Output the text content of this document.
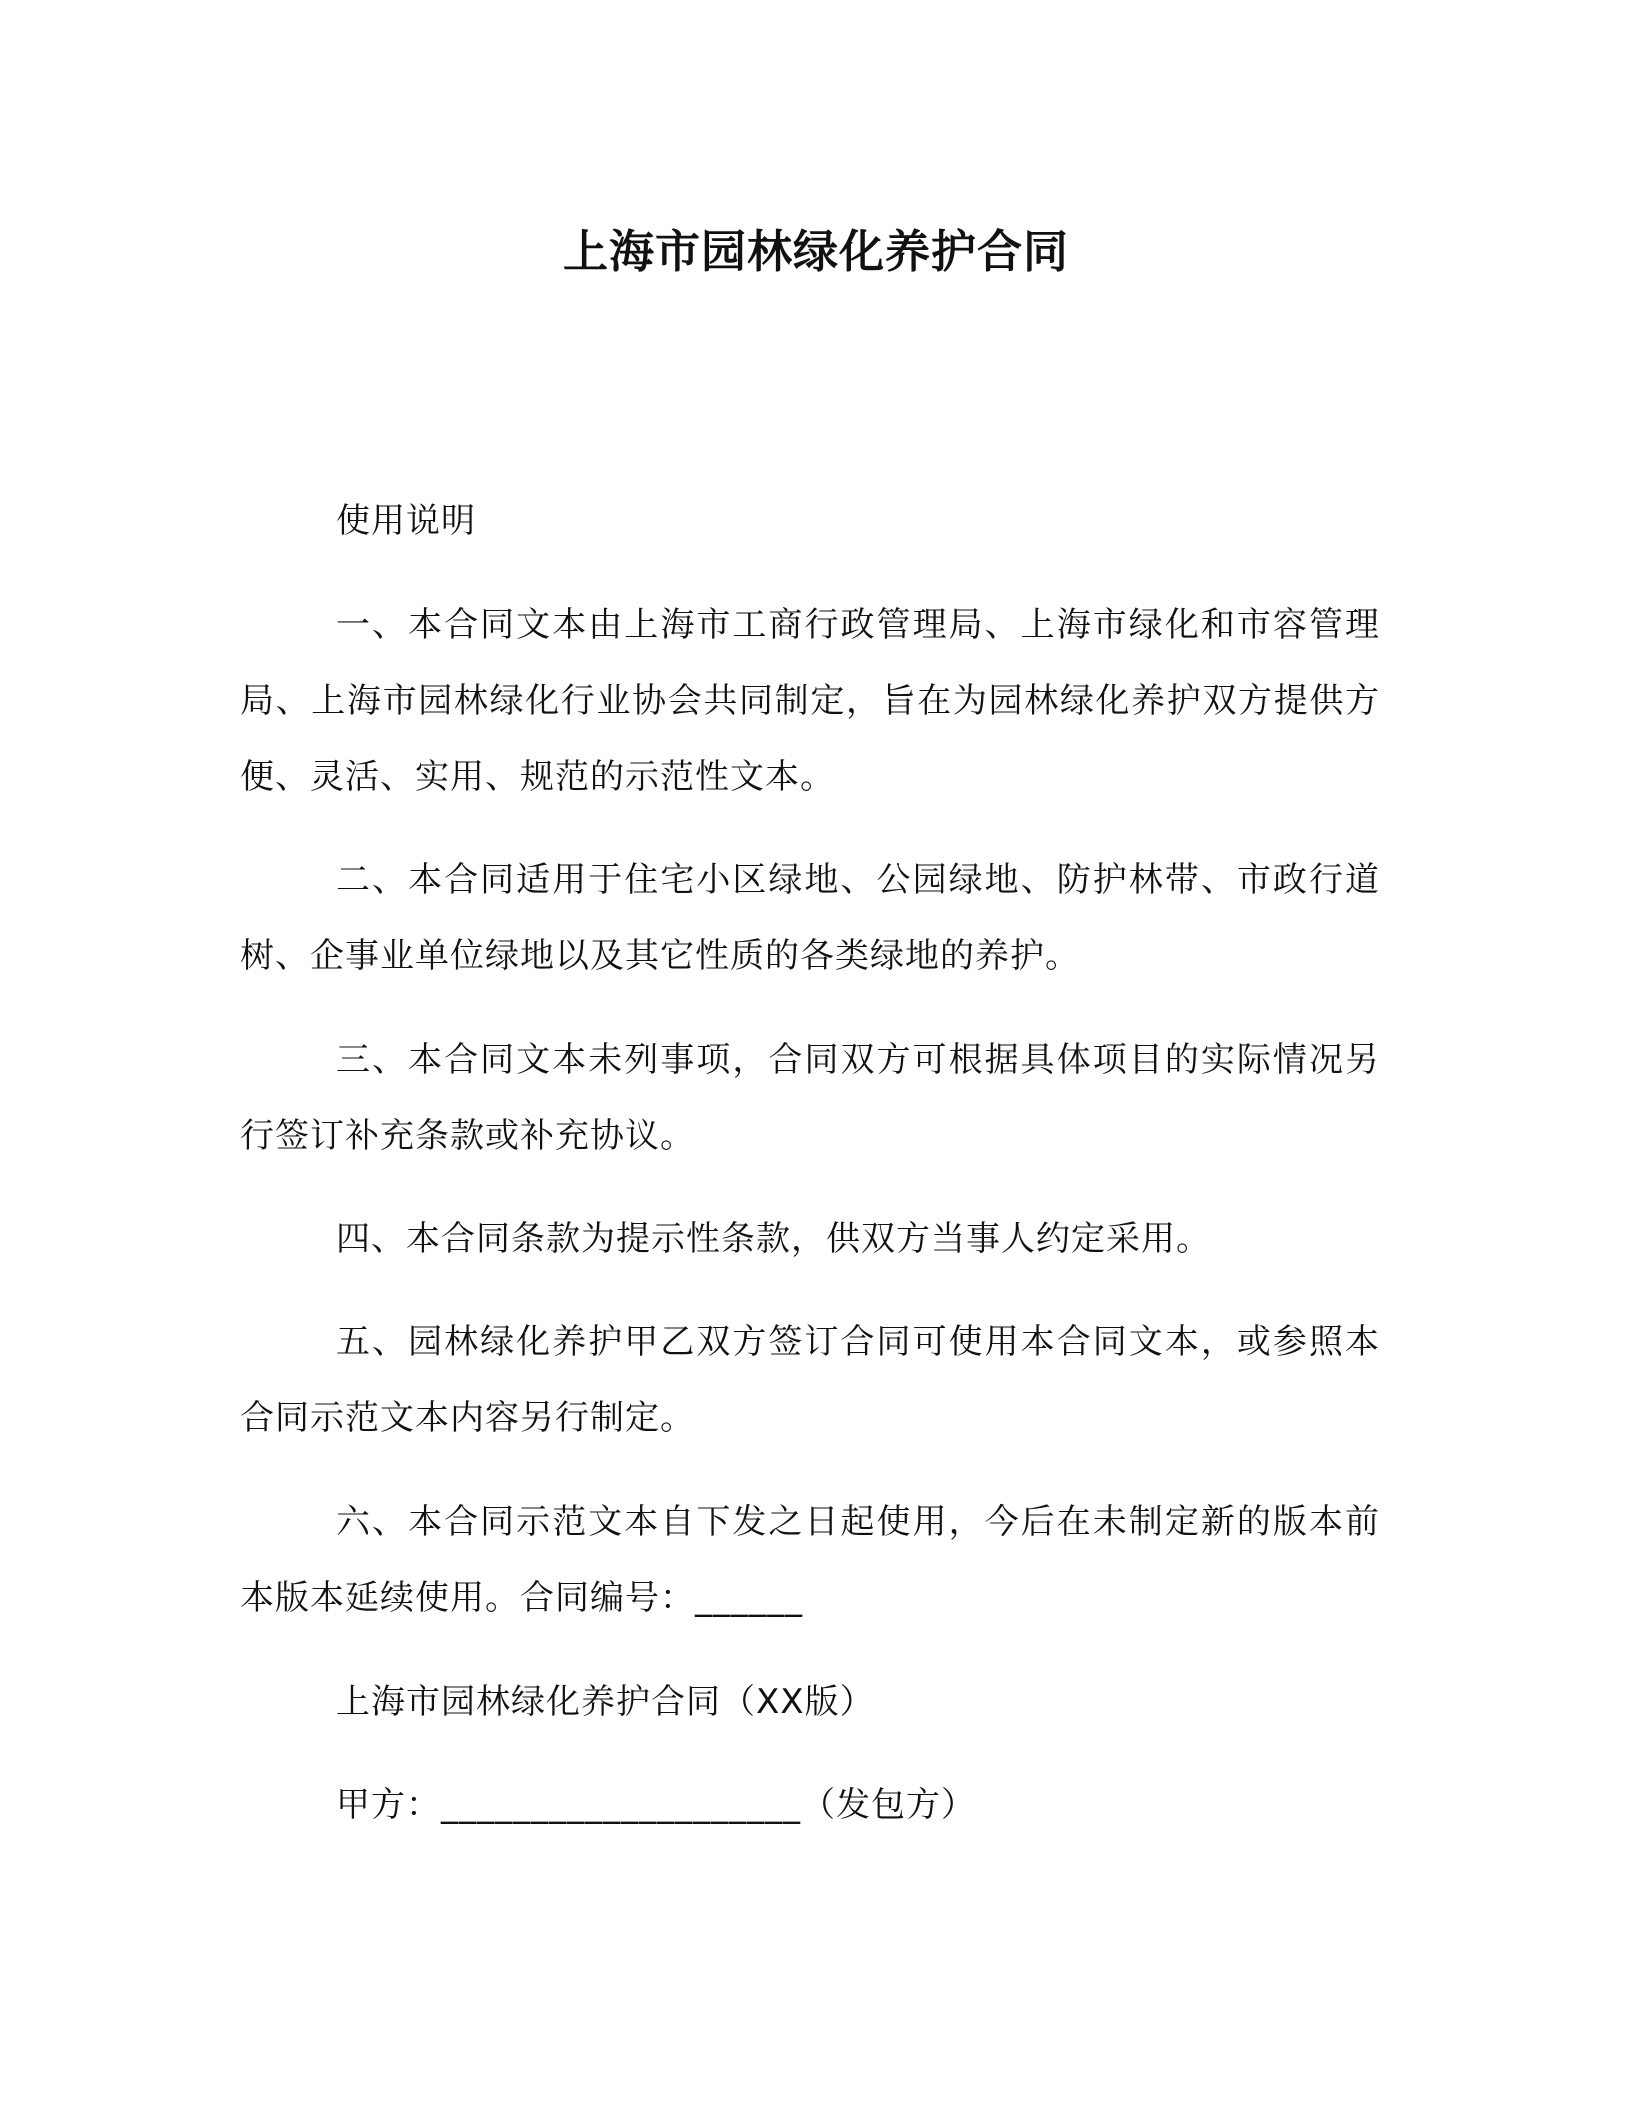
上海市园林绿化养护合同

使用说明

一、本合同文本由上海市工商行政管理局、上海市绿化和市容管理局、上海市园林绿化行业协会共同制定，旨在为园林绿化养护双方提供方便、灵活、实用、规范的示范性文本。

二、本合同适用于住宅小区绿地、公园绿地、防护林带、市政行道树、企事业单位绿地以及其它性质的各类绿地的养护。

三、本合同文本未列事项，合同双方可根据具体项目的实际情况另行签订补充条款或补充协议。

四、本合同条款为提示性条款，供双方当事人约定采用。

五、园林绿化养护甲乙双方签订合同可使用本合同文本，或参照本合同示范文本内容另行制定。

六、本合同示范文本自下发之日起使用，今后在未制定新的版本前本版本延续使用。合同编号：______

上海市园林绿化养护合同（XX版）

甲方：____________________（发包方）
